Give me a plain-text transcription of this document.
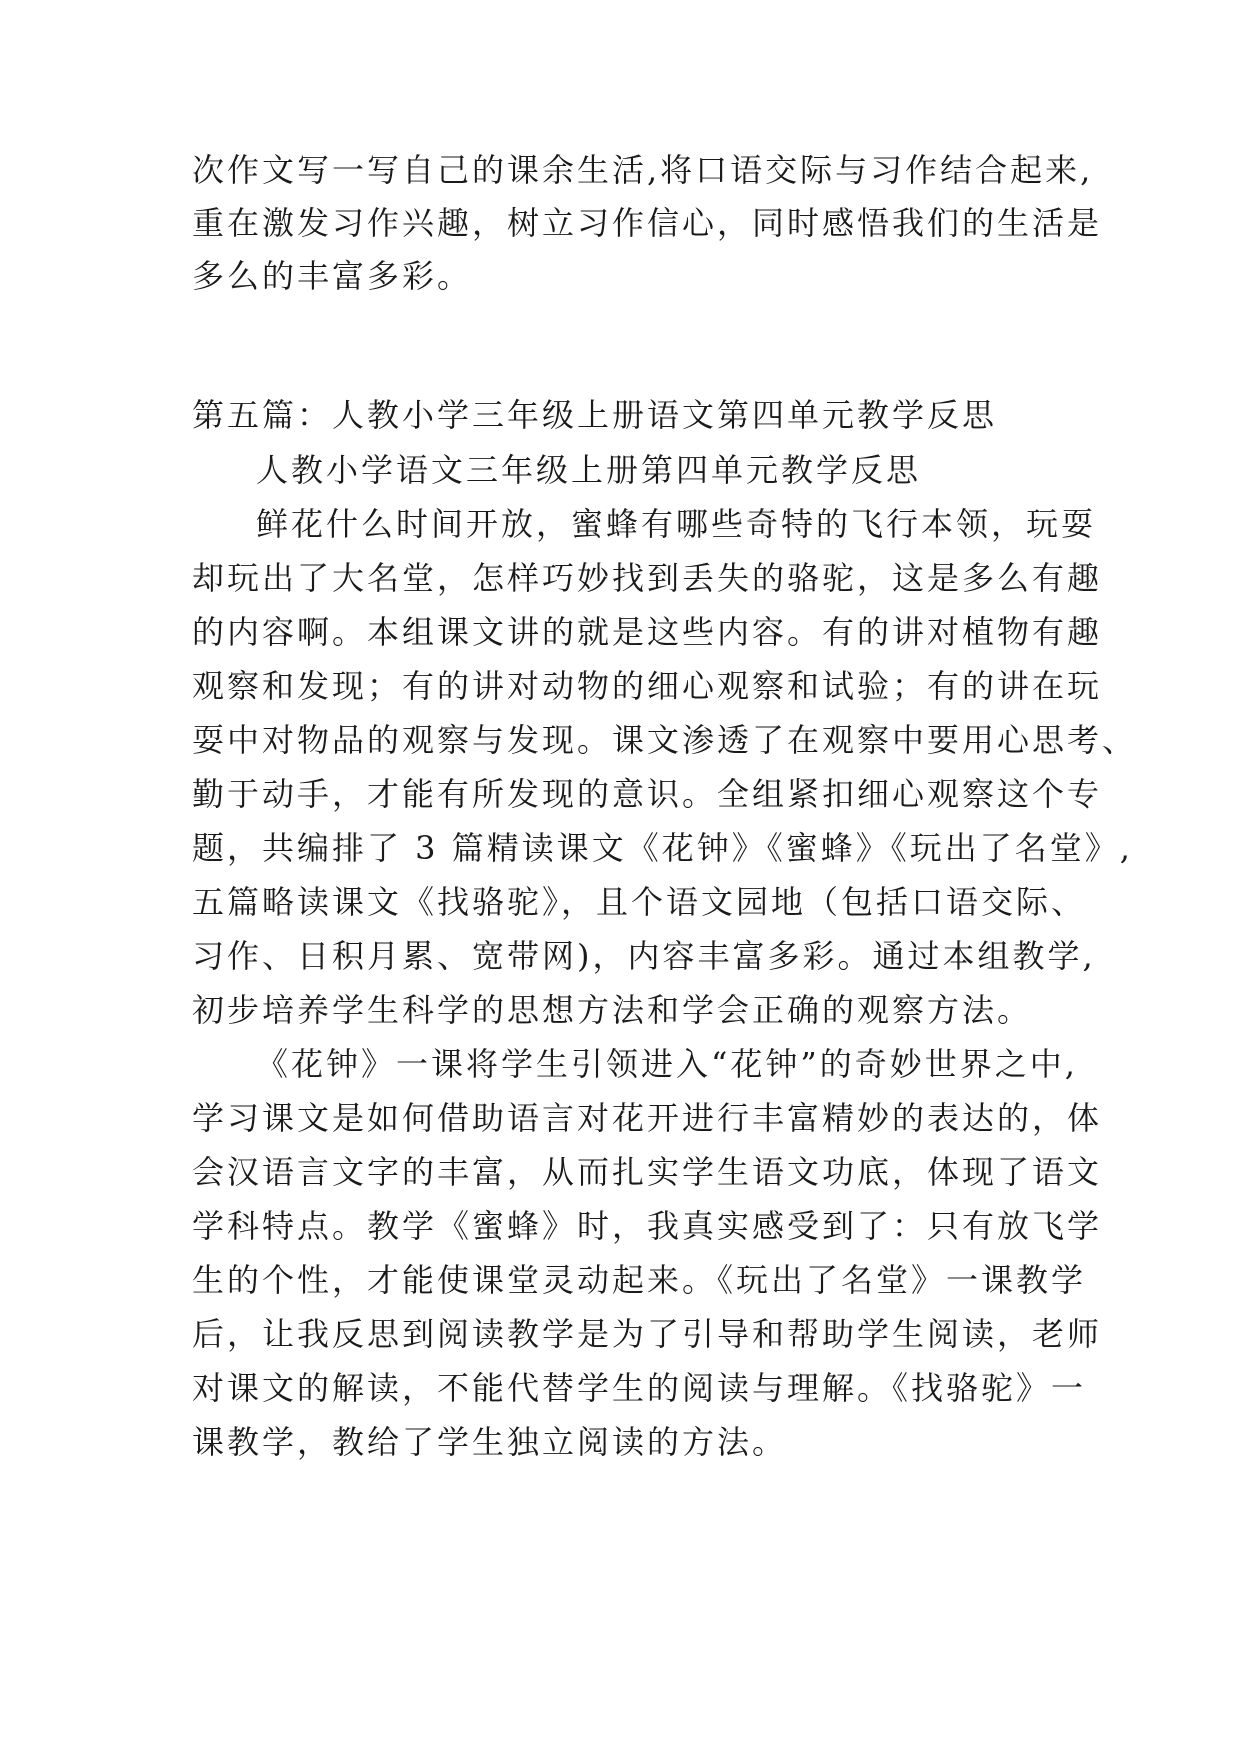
次作文写一写自己的课余生活,将口语交际与习作结合起来,

重在激发习作兴趣，树立习作信心，同时感悟我们的生活是

多么的丰富多彩。

第五篇：人教小学三年级上册语文第四单元教学反思

人教小学语文三年级上册第四单元教学反思

鲜花什么时间开放，蜜蜂有哪些奇特的飞行本领，玩耍

却玩出了大名堂，怎样巧妙找到丢失的骆驼，这是多么有趣

的内容啊。本组课文讲的就是这些内容。有的讲对植物有趣

观察和发现；有的讲对动物的细心观察和试验；有的讲在玩

耍中对物品的观察与发现。课文渗透了在观察中要用心思考、

勤于动手，才能有所发现的意识。全组紧扣细心观察这个专

题，共编排了 3 篇精读课文《花钟》《蜜蜂》《玩出了名堂》,

五篇略读课文《找骆驼》，且个语文园地（包括口语交际、

习作、日积月累、宽带网)，内容丰富多彩。通过本组教学,

初步培养学生科学的思想方法和学会正确的观察方法。

《花钟》一课将学生引领进入“花钟”的奇妙世界之中,

学习课文是如何借助语言对花开进行丰富精妙的表达的，体

会汉语言文字的丰富，从而扎实学生语文功底，体现了语文

学科特点。教学《蜜蜂》时，我真实感受到了：只有放飞学

生的个性，才能使课堂灵动起来。《玩出了名堂》一课教学

后，让我反思到阅读教学是为了引导和帮助学生阅读，老师

对课文的解读，不能代替学生的阅读与理解。《找骆驼》一

课教学，教给了学生独立阅读的方法。
